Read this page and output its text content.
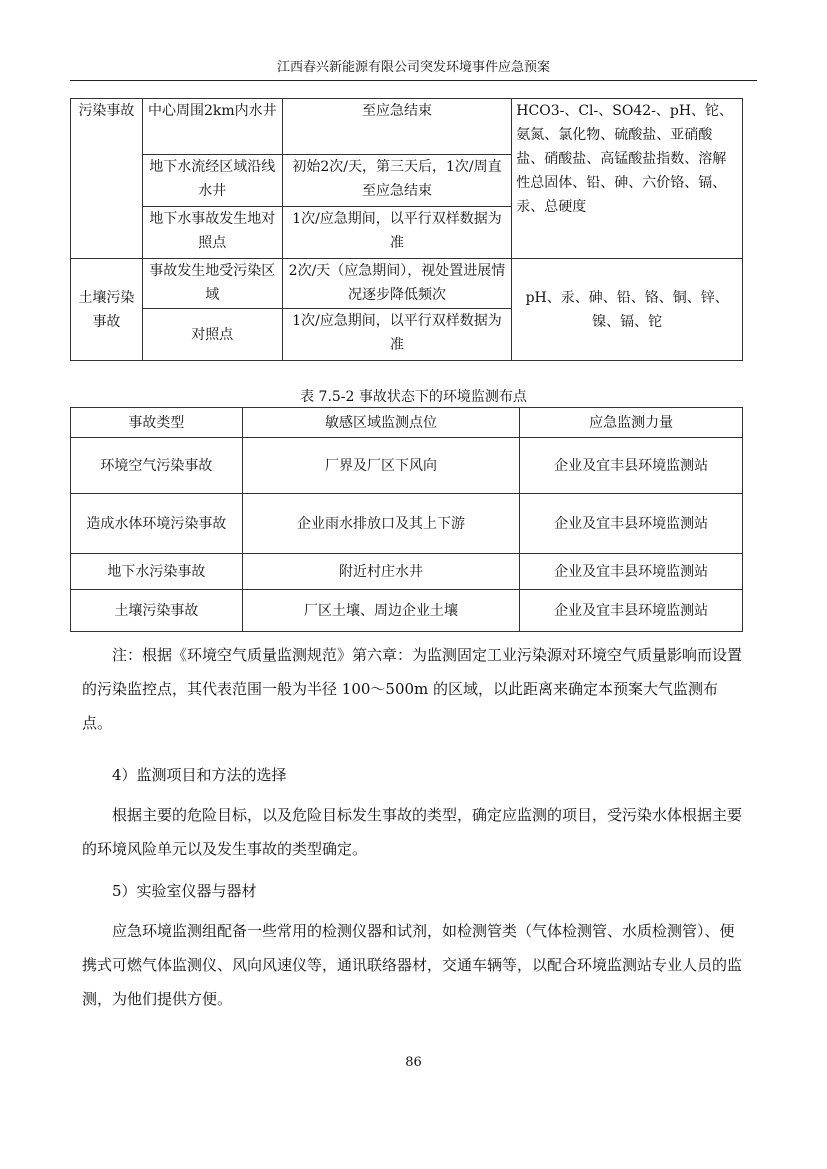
江西春兴新能源有限公司突发环境事件应急预案
污染事故	中心周围2km内水井	至应急结束	HCO3-、Cl-、SO42-、pH、铊、氨氮、氯化物、硫酸盐、亚硝酸盐、硝酸盐、高锰酸盐指数、溶解性总固体、铅、砷、六价铬、镉、汞、总硬度
	地下水流经区域沿线水井	初始2次/天，第三天后，1次/周直至应急结束	
	地下水事故发生地对照点	1次/应急期间，以平行双样数据为准	
土壤污染事故	事故发生地受污染区域	2次/天（应急期间），视处置进展情况逐步降低频次	pH、汞、砷、铅、铬、铜、锌、镍、镉、铊
	对照点	1次/应急期间，以平行双样数据为准	
表 7.5-2 事故状态下的环境监测布点
事故类型	敏感区域监测点位	应急监测力量
环境空气污染事故	厂界及厂区下风向	企业及宜丰县环境监测站
造成水体环境污染事故	企业雨水排放口及其上下游	企业及宜丰县环境监测站
地下水污染事故	附近村庄水井	企业及宜丰县环境监测站
土壤污染事故	厂区土壤、周边企业土壤	企业及宜丰县环境监测站
注：根据《环境空气质量监测规范》第六章：为监测固定工业污染源对环境空气质量影响而设置的污染监控点，其代表范围一般为半径 100～500m 的区域，以此距离来确定本预案大气监测布点。
4）监测项目和方法的选择
根据主要的危险目标，以及危险目标发生事故的类型，确定应监测的项目，受污染水体根据主要的环境风险单元以及发生事故的类型确定。
5）实验室仪器与器材
应急环境监测组配备一些常用的检测仪器和试剂，如检测管类（气体检测管、水质检测管）、便携式可燃气体监测仪、风向风速仪等，通讯联络器材，交通车辆等，以配合环境监测站专业人员的监测，为他们提供方便。
86
